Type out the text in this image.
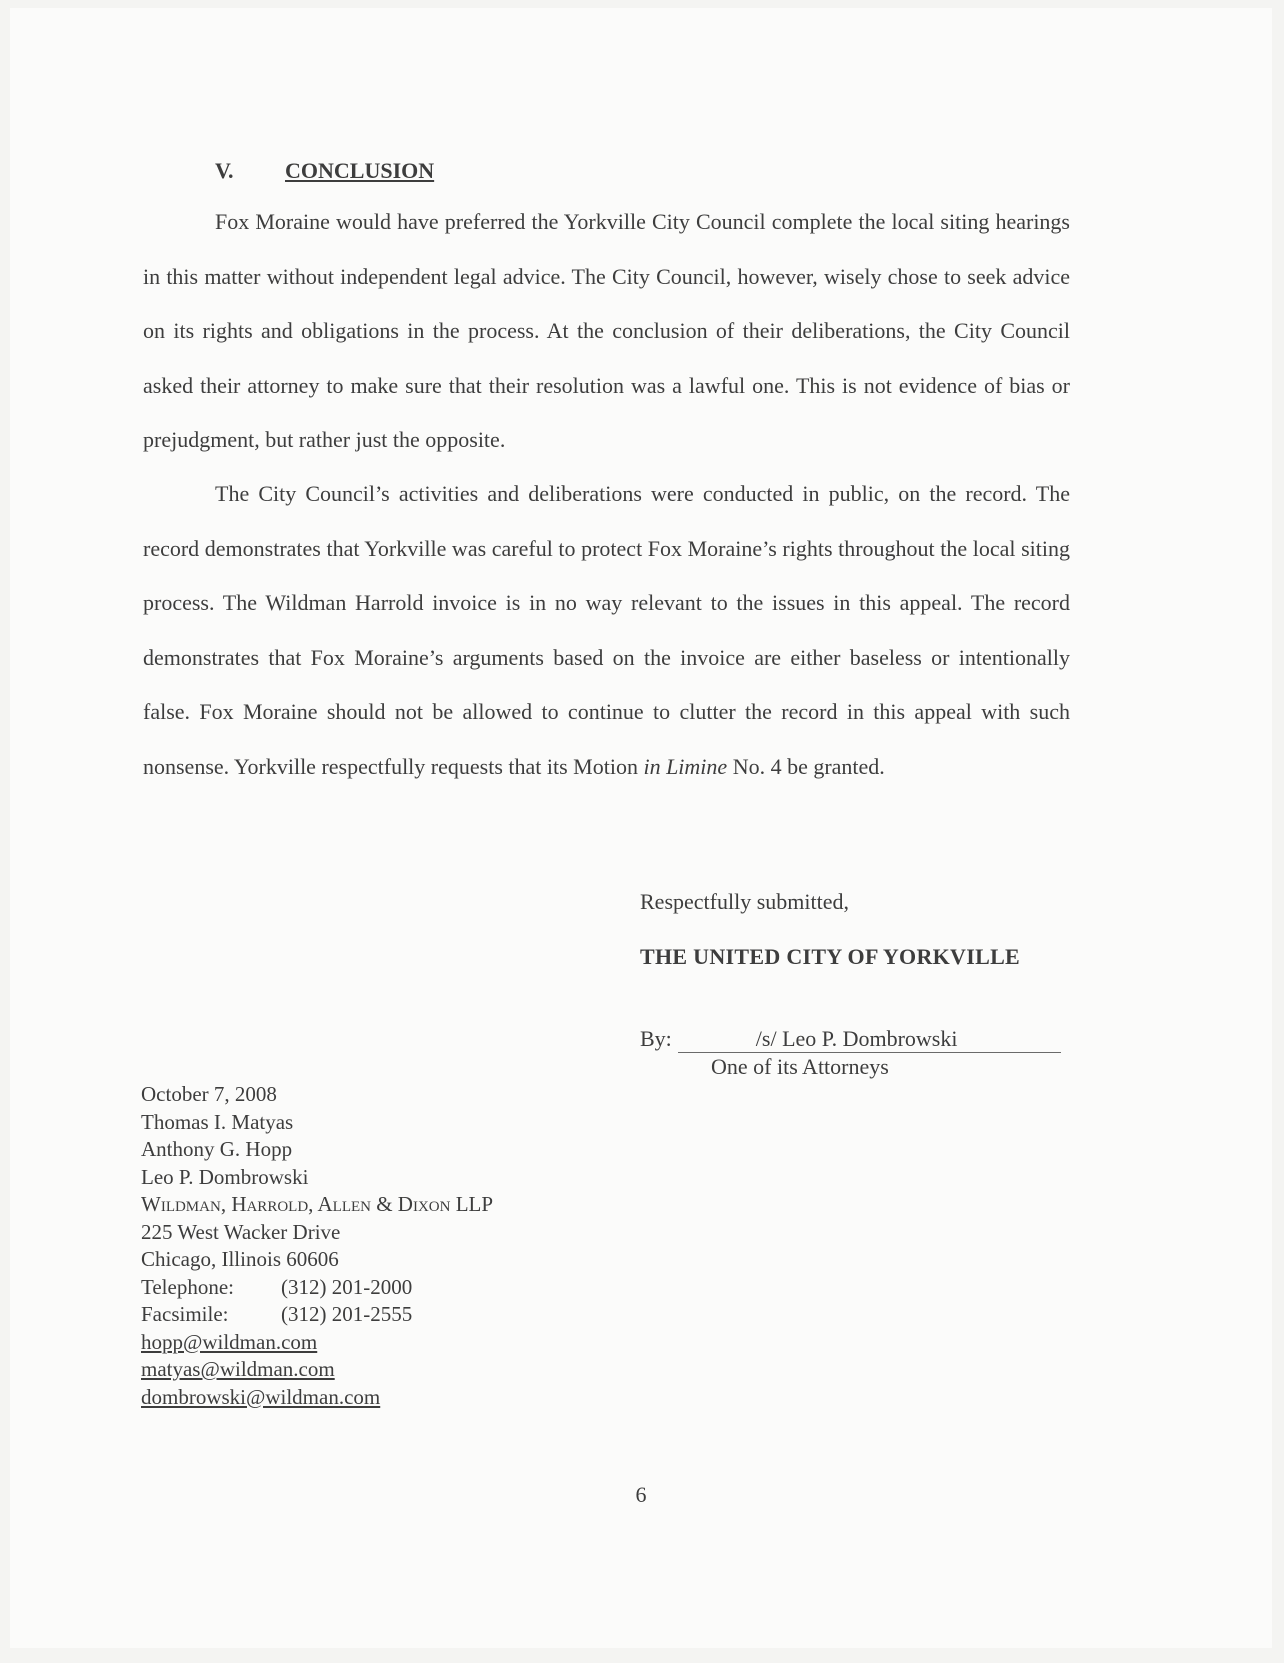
V. CONCLUSION

Fox Moraine would have preferred the Yorkville City Council complete the local siting hearings in this matter without independent legal advice. The City Council, however, wisely chose to seek advice on its rights and obligations in the process. At the conclusion of their deliberations, the City Council asked their attorney to make sure that their resolution was a lawful one. This is not evidence of bias or prejudgment, but rather just the opposite.

The City Council’s activities and deliberations were conducted in public, on the record. The record demonstrates that Yorkville was careful to protect Fox Moraine’s rights throughout the local siting process. The Wildman Harrold invoice is in no way relevant to the issues in this appeal. The record demonstrates that Fox Moraine’s arguments based on the invoice are either baseless or intentionally false. Fox Moraine should not be allowed to continue to clutter the record in this appeal with such nonsense. Yorkville respectfully requests that its Motion in Limine No. 4 be granted.

Respectfully submitted,
THE UNITED CITY OF YORKVILLE
By:	/s/ Leo P. Dombrowski
One of its Attorneys
October 7, 2008
Thomas I. Matyas
Anthony G. Hopp
Leo P. Dombrowski
Wildman, Harrold, Allen & Dixon LLP
225 West Wacker Drive
Chicago, Illinois 60606
Telephone: (312) 201-2000
Facsimile:	(312) 201-2555
hopp@wildman.com
matyas@wildman.com
dombrowski@wildman.com
6
